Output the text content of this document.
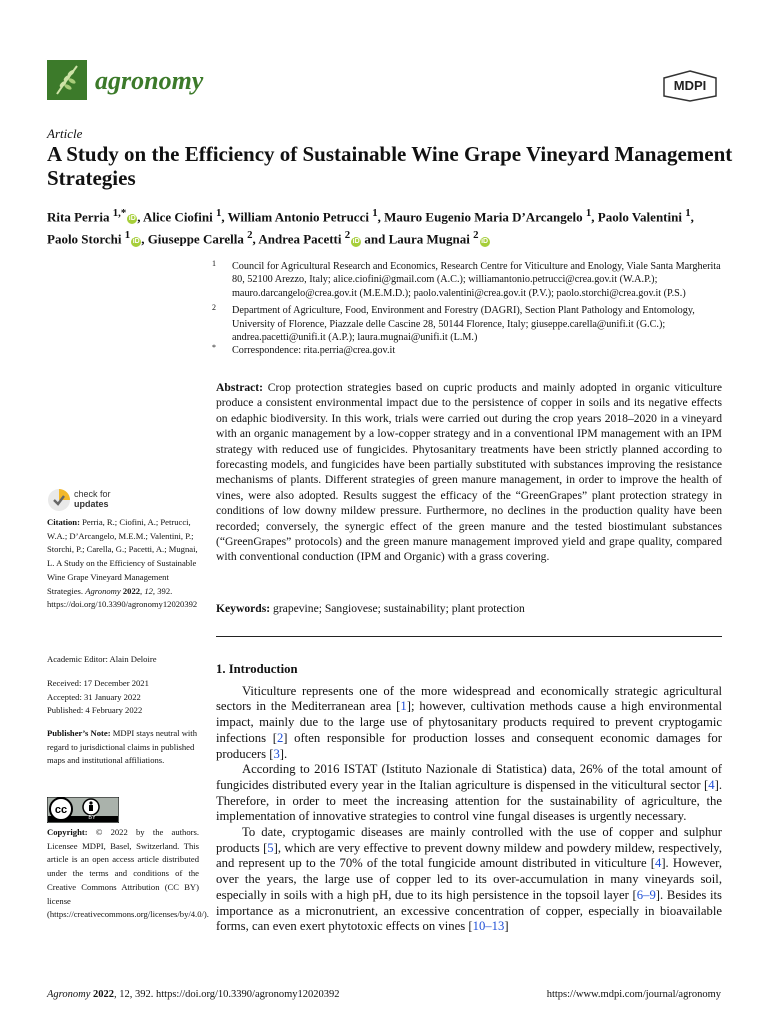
agronomy	MDPI
Article
A Study on the Efficiency of Sustainable Wine Grape Vineyard Management Strategies
Rita Perria $^{1,*}$ iD , Alice Ciofini $^1$, William Antonio Petrucci $^1$, Mauro Eugenio Maria D’Arcangelo $^1$, Paolo Valentini $^1$,
Paolo Storchi $^1$ iD , Giuseppe Carella $^2$, Andrea Pacetti $^2$ iD and Laura Mugnai $^2$ iD
1 Council for Agricultural Research and Economics, Research Centre for Viticulture and Enology, Viale Santa Margherita 80, 52100 Arezzo, Italy; alice.ciofini@gmail.com (A.C.); williamantonio.petrucci@crea.gov.it (W.A.P.); mauro.darcangelo@crea.gov.it (M.E.M.D.); paolo.valentini@crea.gov.it (P.V.); paolo.storchi@crea.gov.it (P.S.)
2 Department of Agriculture, Food, Environment and Forestry (DAGRI), Section Plant Pathology and Entomology, University of Florence, Piazzale delle Cascine 28, 50144 Florence, Italy; giuseppe.carella@unifi.it (G.C.); andrea.pacetti@unifi.it (A.P.); laura.mugnai@unifi.it (L.M.)
* Correspondence: rita.perria@crea.gov.it
Abstract: Crop protection strategies based on cupric products and mainly adopted in organic viticulture produce a consistent environmental impact due to the persistence of copper in soils and its negative effects on edaphic biodiversity. In this work, trials were carried out during the crop years 2018–2020 in a vineyard with an organic management by a low-copper strategy and in a conventional IPM management with an IPM strategy with reduced use of fungicides. Phytosanitary treatments have been strictly planned according to forecasting models, and fungicides have been partially substituted with substances improving the resistance mechanisms of plants. Different strategies of green manure management, in order to improve the health of vines, were also adopted. Results suggest the efficacy of the “GreenGrapes” plant protection strategy in conditions of low downy mildew pressure. Furthermore, no declines in the production quality have been recorded; conversely, the synergic effect of the green manure and the tested biostimulant substances (“GreenGrapes” protocols) and the green manure management improved yield and grape quality, compared with conventional conduction (IPM and Organic) with a grass covering.
Keywords: grapevine; Sangiovese; sustainability; plant protection
1. Introduction

Viticulture represents one of the more widespread and economically strategic agricultural sectors in the Mediterranean area [1]; however, cultivation methods cause a high environmental impact, mainly due to the large use of phytosanitary products required to prevent cryptogamic infections [2] often responsible for production losses and consequent economic damages for producers [3].

According to 2016 ISTAT (Istituto Nazionale di Statistica) data, 26% of the total amount of fungicides distributed every year in the Italian agriculture is dispensed in the viticultural sector [4]. Therefore, in order to meet the increasing attention for the sustainability of agriculture, the implementation of innovative strategies to control vine fungal diseases is urgently necessary.

To date, cryptogamic diseases are mainly controlled with the use of copper and sulphur products [5], which are very effective to prevent downy mildew and powdery mildew, respectively, and represent up to the 70% of the total fungicide amount distributed in viticulture [4]. However, over the years, the large use of copper led to its over-accumulation in many vineyards soil, especially in soils with a high pH, due to its high persistence in the topsoil layer [6–9]. Besides its importance as a micronutrient, an excessive concentration of copper, especially in bioavailable forms, can even exert phytotoxic effects on vines [10–13]

check for
updates
Citation: Perria, R.; Ciofini, A.; Petrucci, W.A.; D’Arcangelo, M.E.M.; Valentini, P.; Storchi, P.; Carella, G.; Pacetti, A.; Mugnai, L. A Study on the Efficiency of Sustainable Wine Grape Vineyard Management Strategies. Agronomy 2022, 12, 392. https://doi.org/10.3390/agronomy12020392
Academic Editor: Alain Deloire
Received: 17 December 2021
Accepted: 31 January 2022
Published: 4 February 2022
Publisher’s Note: MDPI stays neutral with regard to jurisdictional claims in published maps and institutional affiliations.
cc
BY
Copyright: © 2022 by the authors. Licensee MDPI, Basel, Switzerland. This article is an open access article distributed under the terms and conditions of the Creative Commons Attribution (CC BY) license (https://creativecommons.org/licenses/by/4.0/).
Agronomy 2022, 12, 392. https://doi.org/10.3390/agronomy12020392	https://www.mdpi.com/journal/agronomy
